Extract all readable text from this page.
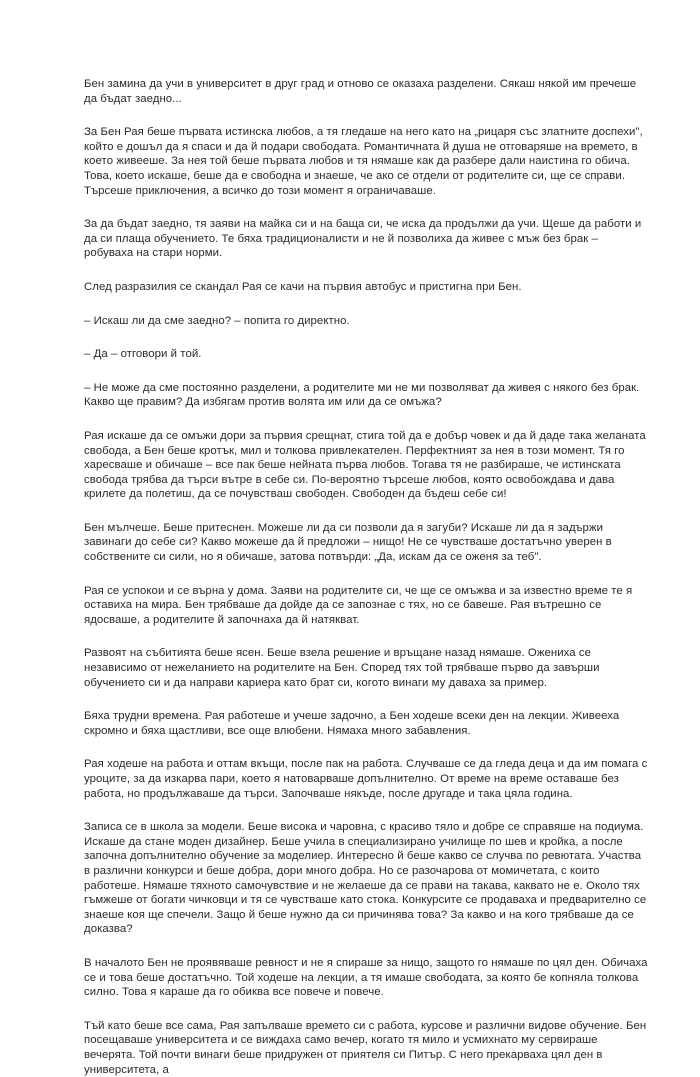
Бен замина да учи в университет в друг град и отново се оказаха разделени. Сякаш някой им пречеше да бъдат заедно...

За Бен Рая беше първата истинска любов, а тя гледаше на него като на „рицаря със златните доспехи", който е дошъл да я спаси и да й подари свободата. Романтичната й душа не отговаряше на времето, в което живееше. За нея той беше първата любов и тя нямаше как да разбере дали наистина го обича. Това, което искаше, беше да е свободна и знаеше, че ако се отдели от родителите си, ще се справи. Търсеше приключения, а всичко до този момент я ограничаваше.

За да бъдат заедно, тя заяви на майка си и на баща си, че иска да продължи да учи. Щеше да работи и да си плаща обучението. Те бяха традиционалисти и не й позволиха да живее с мъж без брак – робуваха на стари норми.

След разразилия се скандал Рая се качи на първия автобус и пристигна при Бен.

– Искаш ли да сме заедно? – попита го директно.

– Да – отговори й той.

– Не може да сме постоянно разделени, а родителите ми не ми позволяват да живея с някого без брак. Какво ще правим? Да избягам против волята им или да се омъжа?

Рая искаше да се омъжи дори за първия срещнат, стига той да е добър човек и да й даде така желаната свобода, а Бен беше кротък, мил и толкова привлекателен. Перфектният за нея в този момент. Тя го харесваше и обичаше – все пак беше нейната първа любов. Тогава тя не разбираше, че истинската свобода трябва да търси вътре в себе си. По-вероятно търсеше любов, която освобождава и дава крилете да полетиш, да се почувстваш свободен. Свободен да бъдеш себе си!

Бен мълчеше. Беше притеснен. Можеше ли да си позволи да я загуби? Искаше ли да я задържи завинаги до себе си? Какво можеше да й предложи – нищо! Не се чувстваше достатъчно уверен в собствените си сили, но я обичаше, затова потвърди: „Да, искам да се оженя за теб".

Рая се успокои и се върна у дома. Заяви на родителите си, че ще се омъжва и за известно време те я оставиха на мира. Бен трябваше да дойде да се запознае с тях, но се бавеше. Рая вътрешно се ядосваше, а родителите й започнаха да й натякват.

Развоят на събитията беше ясен. Беше взела решение и връщане назад нямаше. Ожениха се независимо от нежеланието на родителите на Бен. Според тях той трябваше първо да завърши обучението си и да направи кариера като брат си, когото винаги му даваха за пример.

Бяха трудни времена. Рая работеше и учеше задочно, а Бен ходеше всеки ден на лекции. Живееха скромно и бяха щастливи, все още влюбени. Нямаха много забавления.

Рая ходеше на работа и оттам вкъщи, после пак на работа. Случваше се да гледа деца и да им помага с уроците, за да изкарва пари, което я натоварваше допълнително. От време на време оставаше без работа, но продължаваше да търси. Започваше някъде, после другаде и така цяла година.

Записа се в школа за модели. Беше висока и чаровна, с красиво тяло и добре се справяше на подиума. Искаше да стане моден дизайнер. Беше учила в специализирано училище по шев и кройка, а после започна допълнително обучение за моделиер. Интересно й беше какво се случва по ревютата. Участва в различни конкурси и беше добра, дори много добра. Но се разочарова от момичетата, с които работеше. Нямаше тяхното самочувствие и не желаеше да се прави на такава, каквато не е. Около тях гъмжеше от богати чичковци и тя се чувстваше като стока. Конкурсите се продаваха и предварително се знаеше коя ще спечели. Защо й беше нужно да си причинява това? За какво и на кого трябваше да се доказва?

В началото Бен не проявяваше ревност и не я спираше за нищо, защото го нямаше по цял ден. Обичаха се и това беше достатъчно. Той ходеше на лекции, а тя имаше свободата, за която бе копняла толкова силно. Това я караше да го обиква все повече и повече.

Тъй като беше все сама, Рая запълваше времето си с работа, курсове и различни видове обучение. Бен посещаваше университета и се виждаха само вечер, когато тя мило и усмихнато му сервираше вечерята. Той почти винаги беше придружен от приятеля си Питър. С него прекарваха цял ден в университета, а
